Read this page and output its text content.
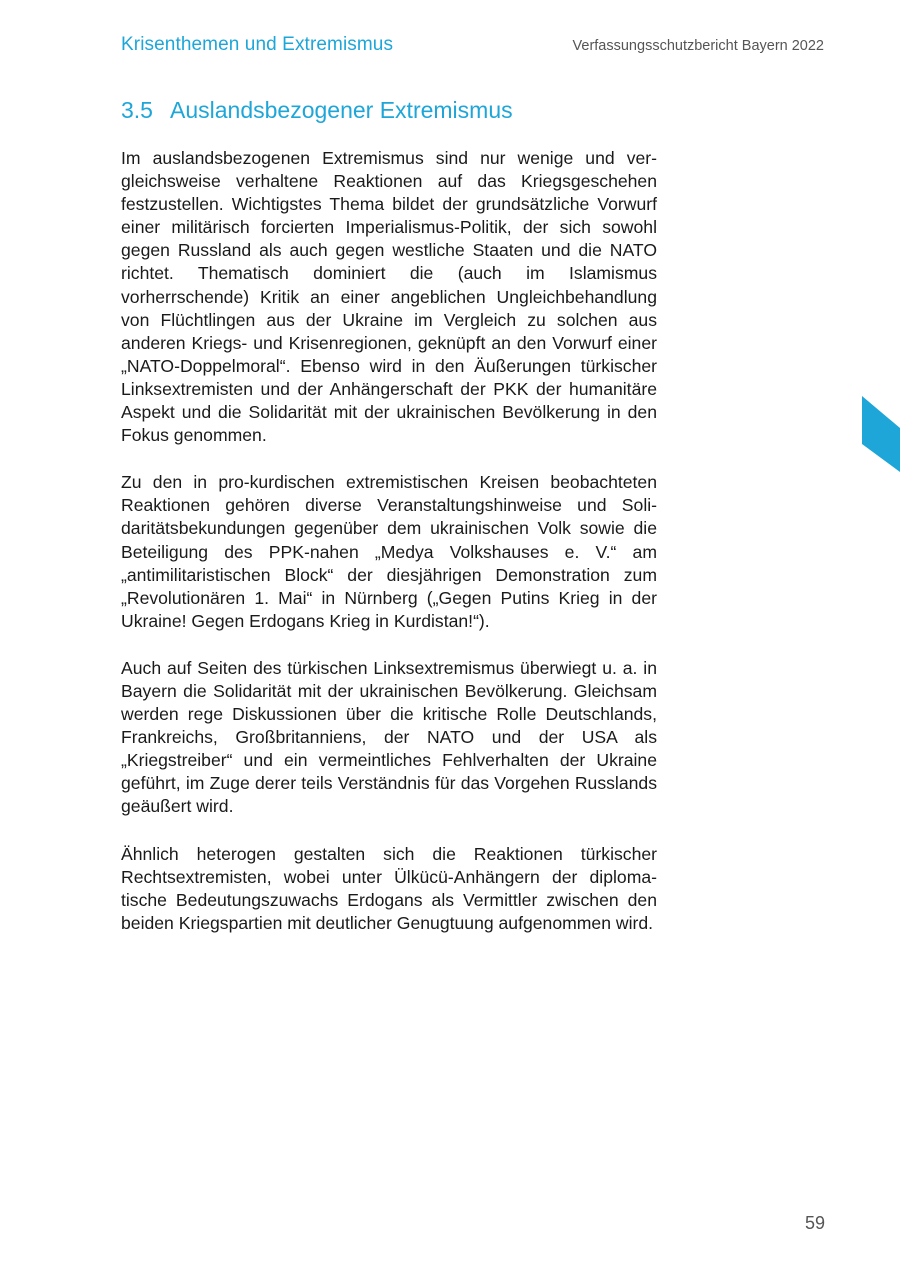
Krisenthemen und Extremismus	Verfassungsschutzbericht Bayern 2022
3.5 Auslandsbezogener Extremismus

Im auslandsbezogenen Extremismus sind nur wenige und vergleichsweise verhaltene Reaktionen auf das Kriegsgeschehen festzustellen. Wichtigstes Thema bildet der grundsätzliche Vorwurf einer militärisch forcierten Imperialismus-Politik, der sich sowohl gegen Russland als auch gegen westliche Staaten und die NATO richtet. Thematisch dominiert die (auch im Islamismus vorherrschende) Kritik an einer angeblichen Ungleichbehandlung von Flüchtlingen aus der Ukraine im Vergleich zu solchen aus anderen Kriegs- und Krisenregionen, geknüpft an den Vorwurf einer „NATO-Doppelmoral“. Ebenso wird in den Äußerungen türkischer Linksextremisten und der Anhängerschaft der PKK der humanitäre Aspekt und die Solidarität mit der ukrainischen Bevölkerung in den Fokus genommen.

Zu den in pro-kurdischen extremistischen Kreisen beobachteten Reaktionen gehören diverse Veranstaltungshinweise und Solidaritätsbekundungen gegenüber dem ukrainischen Volk sowie die Beteiligung des PPK-nahen „Medya Volkshauses e. V.“ am „antimilitaristischen Block“ der diesjährigen Demonstration zum „Revolutionären 1. Mai“ in Nürnberg („Gegen Putins Krieg in der Ukraine! Gegen Erdogans Krieg in Kurdistan!“).

Auch auf Seiten des türkischen Linksextremismus überwiegt u. a. in Bayern die Solidarität mit der ukrainischen Bevölkerung. Gleichsam werden rege Diskussionen über die kritische Rolle Deutschlands, Frankreichs, Großbritanniens, der NATO und der USA als „Kriegstreiber“ und ein vermeintliches Fehlverhalten der Ukraine geführt, im Zuge derer teils Verständnis für das Vorgehen Russlands geäußert wird.

Ähnlich heterogen gestalten sich die Reaktionen türkischer Rechtsextremisten, wobei unter Ülkücü-Anhängern der diplomatische Bedeutungszuwachs Erdogans als Vermittler zwischen den beiden Kriegspartien mit deutlicher Genugtuung aufgenommen wird.

59
